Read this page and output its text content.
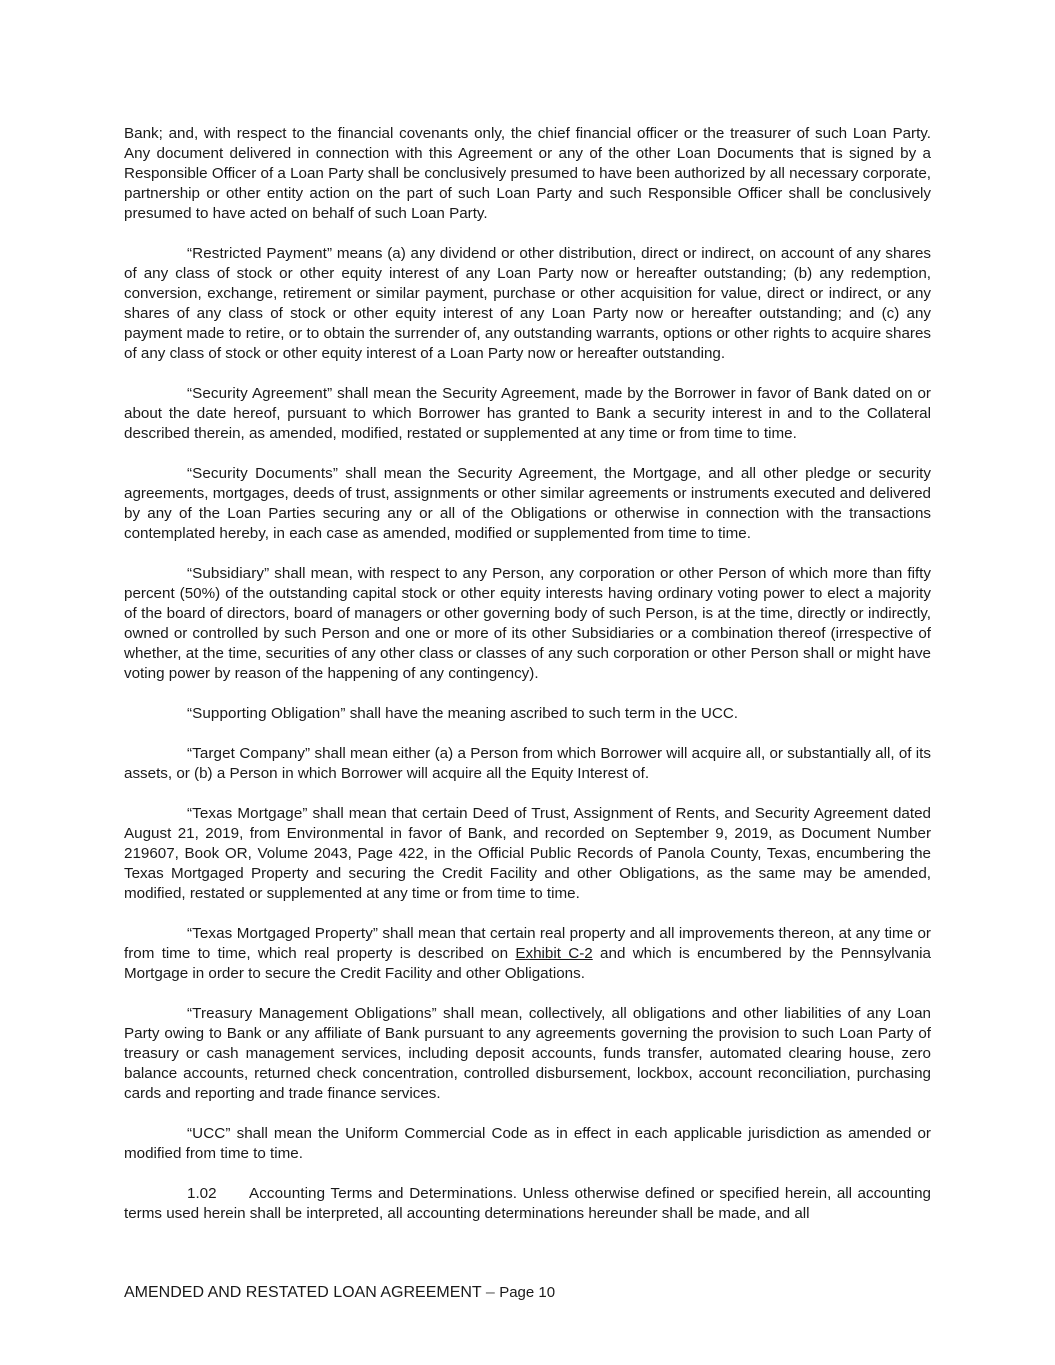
Bank; and, with respect to the financial covenants only, the chief financial officer or the treasurer of such Loan Party. Any document delivered in connection with this Agreement or any of the other Loan Documents that is signed by a Responsible Officer of a Loan Party shall be conclusively presumed to have been authorized by all necessary corporate, partnership or other entity action on the part of such Loan Party and such Responsible Officer shall be conclusively presumed to have acted on behalf of such Loan Party.

“Restricted Payment” means (a) any dividend or other distribution, direct or indirect, on account of any shares of any class of stock or other equity interest of any Loan Party now or hereafter outstanding; (b) any redemption, conversion, exchange, retirement or similar payment, purchase or other acquisition for value, direct or indirect, or any shares of any class of stock or other equity interest of any Loan Party now or hereafter outstanding; and (c) any payment made to retire, or to obtain the surrender of, any outstanding warrants, options or other rights to acquire shares of any class of stock or other equity interest of a Loan Party now or hereafter outstanding.

“Security Agreement” shall mean the Security Agreement, made by the Borrower in favor of Bank dated on or about the date hereof, pursuant to which Borrower has granted to Bank a security interest in and to the Collateral described therein, as amended, modified, restated or supplemented at any time or from time to time.

“Security Documents” shall mean the Security Agreement, the Mortgage, and all other pledge or security agreements, mortgages, deeds of trust, assignments or other similar agreements or instruments executed and delivered by any of the Loan Parties securing any or all of the Obligations or otherwise in connection with the transactions contemplated hereby, in each case as amended, modified or supplemented from time to time.

“Subsidiary” shall mean, with respect to any Person, any corporation or other Person of which more than fifty percent (50%) of the outstanding capital stock or other equity interests having ordinary voting power to elect a majority of the board of directors, board of managers or other governing body of such Person, is at the time, directly or indirectly, owned or controlled by such Person and one or more of its other Subsidiaries or a combination thereof (irrespective of whether, at the time, securities of any other class or classes of any such corporation or other Person shall or might have voting power by reason of the happening of any contingency).

“Supporting Obligation” shall have the meaning ascribed to such term in the UCC.

“Target Company” shall mean either (a) a Person from which Borrower will acquire all, or substantially all, of its assets, or (b) a Person in which Borrower will acquire all the Equity Interest of.

“Texas Mortgage” shall mean that certain Deed of Trust, Assignment of Rents, and Security Agreement dated August 21, 2019, from Environmental in favor of Bank, and recorded on September 9, 2019, as Document Number 219607, Book OR, Volume 2043, Page 422, in the Official Public Records of Panola County, Texas, encumbering the Texas Mortgaged Property and securing the Credit Facility and other Obligations, as the same may be amended, modified, restated or supplemented at any time or from time to time.

“Texas Mortgaged Property” shall mean that certain real property and all improvements thereon, at any time or from time to time, which real property is described on Exhibit C-2 and which is encumbered by the Pennsylvania Mortgage in order to secure the Credit Facility and other Obligations.

“Treasury Management Obligations” shall mean, collectively, all obligations and other liabilities of any Loan Party owing to Bank or any affiliate of Bank pursuant to any agreements governing the provision to such Loan Party of treasury or cash management services, including deposit accounts, funds transfer, automated clearing house, zero balance accounts, returned check concentration, controlled disbursement, lockbox, account reconciliation, purchasing cards and reporting and trade finance services.

“UCC” shall mean the Uniform Commercial Code as in effect in each applicable jurisdiction as amended or modified from time to time.

1.02 Accounting Terms and Determinations. Unless otherwise defined or specified herein, all accounting terms used herein shall be interpreted, all accounting determinations hereunder shall be made, and all

AMENDED AND RESTATED LOAN AGREEMENT – Page 10
